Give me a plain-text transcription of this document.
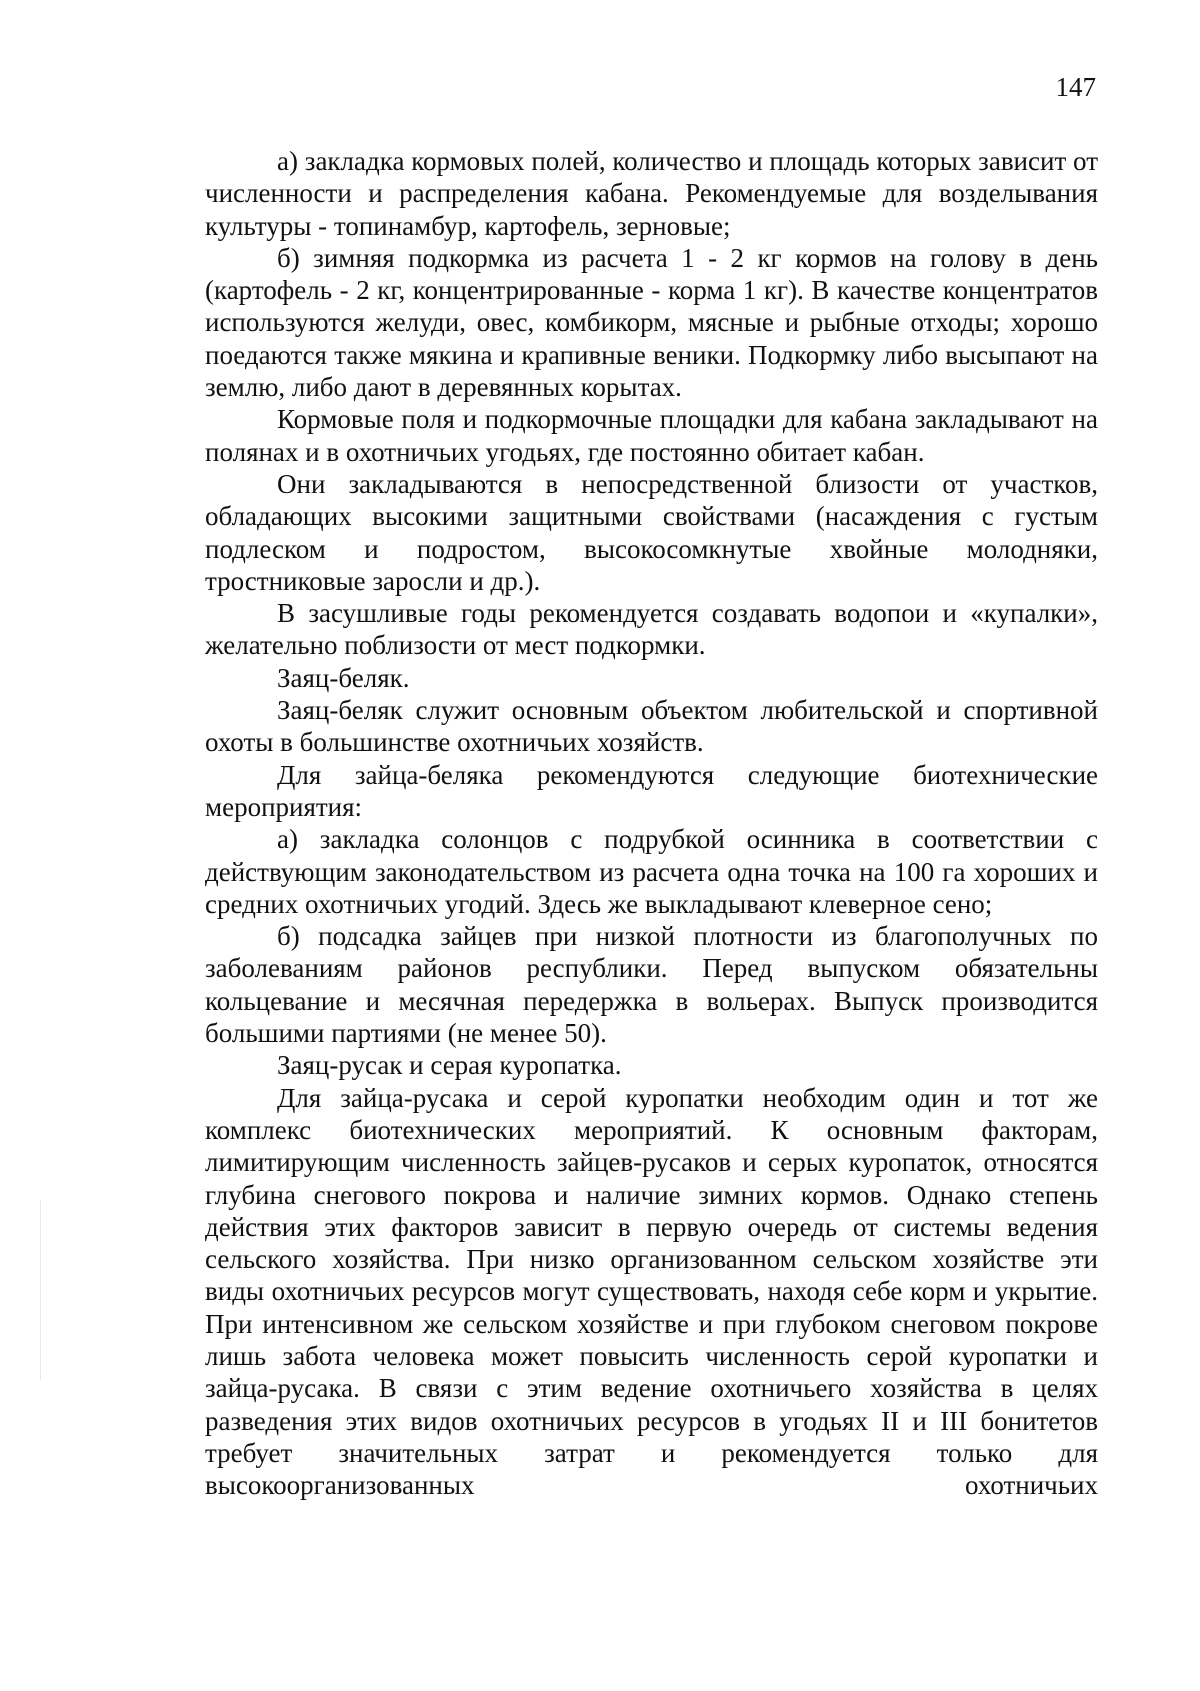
147

а) закладка кормовых полей, количество и площадь которых зависит от численности и распределения кабана. Рекомендуемые для возделывания культуры - топинамбур, картофель, зерновые;

б) зимняя подкормка из расчета 1 - 2 кг кормов на голову в день (картофель - 2 кг, концентрированные - корма 1 кг). В качестве концентратов используются желуди, овес, комбикорм, мясные и рыбные отходы; хорошо поедаются также мякина и крапивные веники. Подкормку либо высыпают на землю, либо дают в деревянных корытах.

Кормовые поля и подкормочные площадки для кабана закладывают на полянах и в охотничьих угодьях, где постоянно обитает кабан.

Они закладываются в непосредственной близости от участков, обладающих высокими защитными свойствами (насаждения с густым подлеском и подростом, высокосомкнутые хвойные молодняки, тростниковые заросли и др.).

В засушливые годы рекомендуется создавать водопои и «купалки», желательно поблизости от мест подкормки.

Заяц-беляк.

Заяц-беляк служит основным объектом любительской и спортивной охоты в большинстве охотничьих хозяйств.

Для зайца-беляка рекомендуются следующие биотехнические мероприятия:

а) закладка солонцов с подрубкой осинника в соответствии с действующим законодательством из расчета одна точка на 100 га хороших и средних охотничьих угодий. Здесь же выкладывают клеверное сено;

б) подсадка зайцев при низкой плотности из благополучных по заболеваниям районов республики. Перед выпуском обязательны кольцевание и месячная передержка в вольерах. Выпуск производится большими партиями (не менее 50).

Заяц-русак и серая куропатка.

Для зайца-русака и серой куропатки необходим один и тот же комплекс биотехнических мероприятий. К основным факторам, лимитирующим численность зайцев-русаков и серых куропаток, относятся глубина снегового покрова и наличие зимних кормов. Однако степень действия этих факторов зависит в первую очередь от системы ведения сельского хозяйства. При низко организованном сельском хозяйстве эти виды охотничьих ресурсов могут существовать, находя себе корм и укрытие. При интенсивном же сельском хозяйстве и при глубоком снеговом покрове лишь забота человека может повысить численность серой куропатки и зайца-русака. В связи с этим ведение охотничьего хозяйства в целях разведения этих видов охотничьих ресурсов в угодьях II и III бонитетов требует значительных затрат и рекомендуется только для высокоорганизованных охотничьих
